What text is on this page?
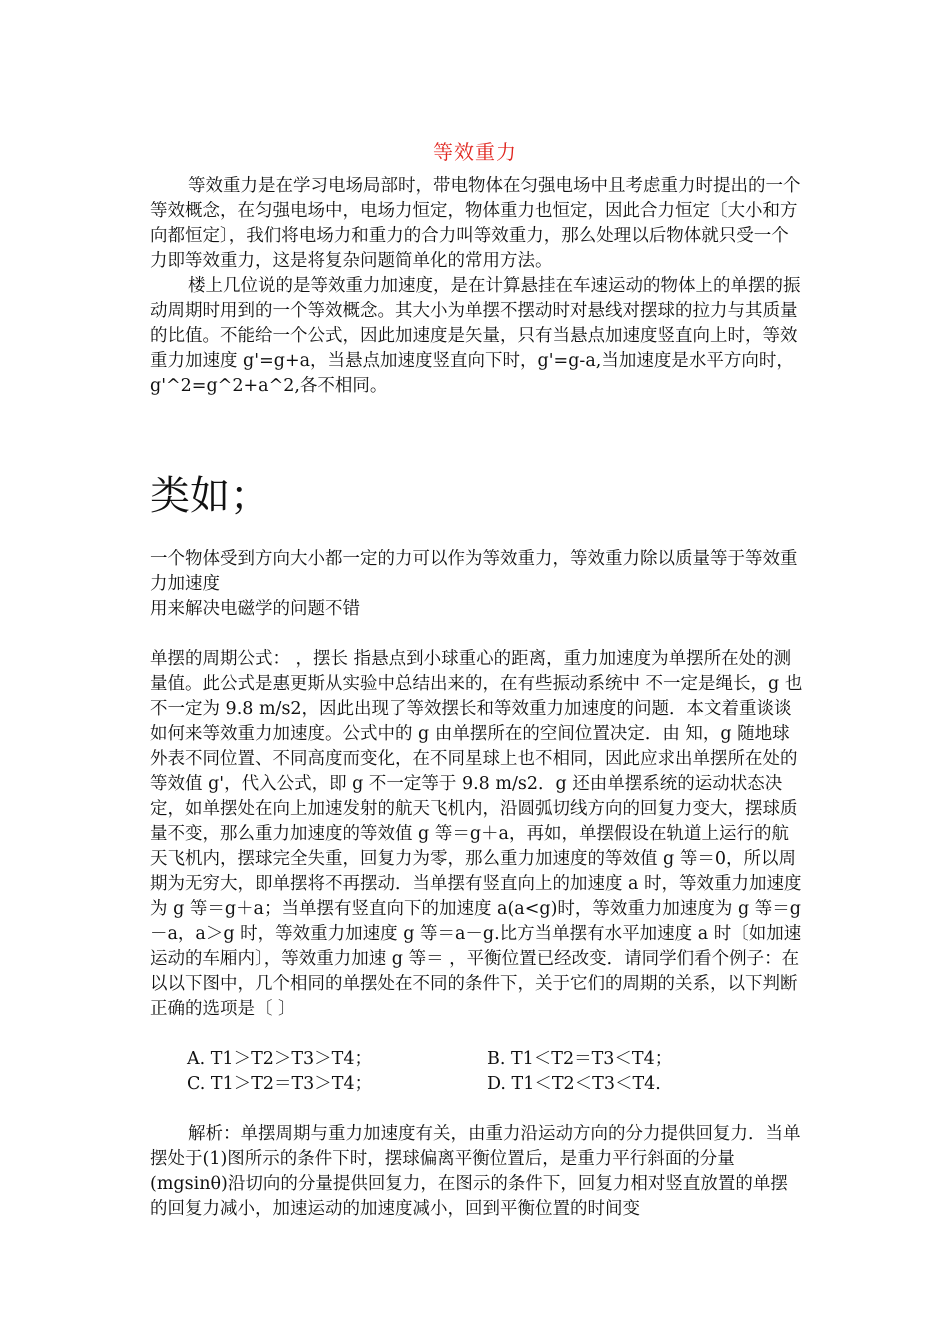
等效重力

等效重力是在学习电场局部时，带电物体在匀强电场中且考虑重力时提出的一个等效概念，在匀强电场中，电场力恒定，物体重力也恒定，因此合力恒定〔大小和方向都恒定〕，我们将电场力和重力的合力叫等效重力，那么处理以后物体就只受一个力即等效重力，这是将复杂问题简单化的常用方法。

楼上几位说的是等效重力加速度，是在计算悬挂在车速运动的物体上的单摆的振动周期时用到的一个等效概念。其大小为单摆不摆动时对悬线对摆球的拉力与其质量的比值。不能给一个公式，因此加速度是矢量，只有当悬点加速度竖直向上时，等效重力加速度 g'=g+a，当悬点加速度竖直向下时，g'=g-a,当加速度是水平方向时，g'^2=g^2+a^2,各不相同。

类如；

一个物体受到方向大小都一定的力可以作为等效重力，等效重力除以质量等于等效重力加速度

用来解决电磁学的问题不错

单摆的周期公式： ，摆长 指悬点到小球重心的距离，重力加速度为单摆所在处的测量值。此公式是惠更斯从实验中总结出来的，在有些振动系统中 不一定是绳长，g 也不一定为 9.8 m/s2，因此出现了等效摆长和等效重力加速度的问题．本文着重谈谈如何来等效重力加速度。公式中的 g 由单摆所在的空间位置决定．由 知，g 随地球外表不同位置、不同高度而变化，在不同星球上也不相同，因此应求出单摆所在处的等效值 g'，代入公式，即 g 不一定等于 9.8 m/s2．g 还由单摆系统的运动状态决定，如单摆处在向上加速发射的航天飞机内，沿圆弧切线方向的回复力变大，摆球质量不变，那么重力加速度的等效值 g 等＝g＋a，再如，单摆假设在轨道上运行的航天飞机内，摆球完全失重，回复力为零，那么重力加速度的等效值 g 等＝0，所以周期为无穷大，即单摆将不再摆动．当单摆有竖直向上的加速度 a 时，等效重力加速度为 g 等＝g＋a；当单摆有竖直向下的加速度 a(a<g)时，等效重力加速度为 g 等＝g－a，a＞g 时，等效重力加速度 g 等＝a－g.比方当单摆有水平加速度 a 时〔如加速运动的车厢内〕，等效重力加速 g 等＝ ，平衡位置已经改变．请同学们看个例子：在以以下图中，几个相同的单摆处在不同的条件下，关于它们的周期的关系，以下判断正确的选项是〔 〕

A. T1＞T2＞T3＞T4；	B. T1＜T2＝T3＜T4；
C. T1＞T2＝T3＞T4；	D. T1＜T2＜T3＜T4.

解析：单摆周期与重力加速度有关，由重力沿运动方向的分力提供回复力．当单摆处于(1)图所示的条件下时，摆球偏离平衡位置后，是重力平行斜面的分量(mgsinθ)沿切向的分量提供回复力，在图示的条件下，回复力相对竖直放置的单摆的回复力减小，加速运动的加速度减小，回到平衡位置的时间变
